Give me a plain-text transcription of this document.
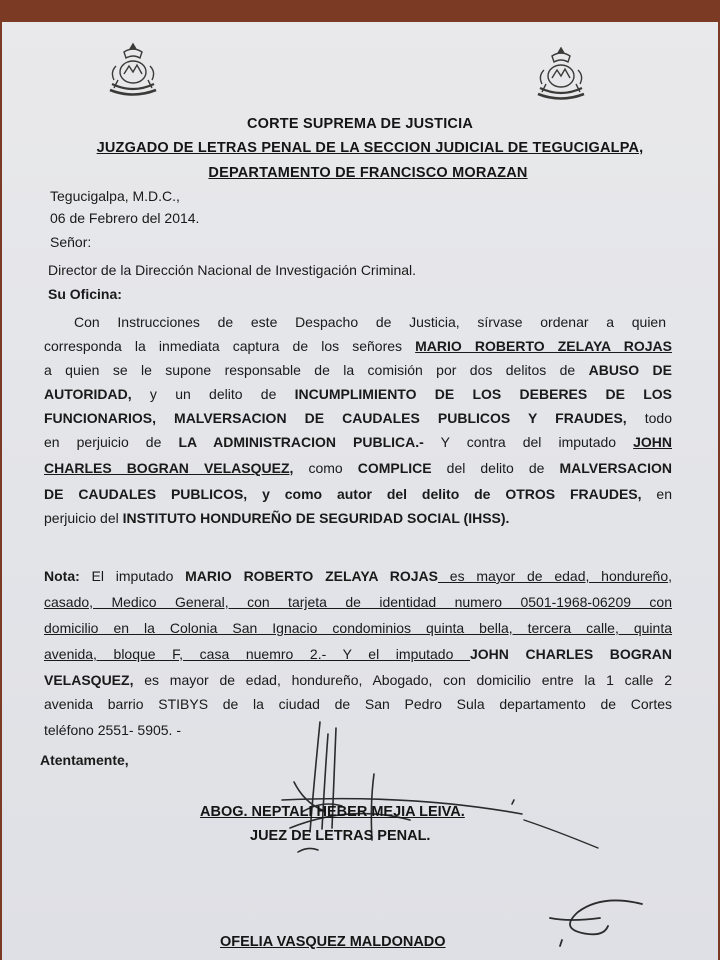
CORTE SUPREMA DE JUSTICIA
JUZGADO DE LETRAS PENAL DE LA SECCION JUDICIAL DE TEGUCIGALPA,
DEPARTAMENTO DE FRANCISCO MORAZAN
Tegucigalpa, M.D.C.,
06 de Febrero del 2014.
Señor:
Director de la Dirección Nacional de Investigación Criminal.
Su Oficina:
Con Instrucciones de este Despacho de Justicia, sírvase ordenar a quien
corresponda la inmediata captura de los señores MARIO ROBERTO ZELAYA ROJAS
a quien se le supone responsable de la comisión por dos delitos de ABUSO DE
AUTORIDAD, y un delito de INCUMPLIMIENTO DE LOS DEBERES DE LOS
FUNCIONARIOS, MALVERSACION DE CAUDALES PUBLICOS Y FRAUDES, todo
en perjuicio de LA ADMINISTRACION PUBLICA.- Y contra del imputado JOHN
CHARLES BOGRAN VELASQUEZ, como COMPLICE del delito de MALVERSACION
DE CAUDALES PUBLICOS, y como autor del delito de OTROS FRAUDES, en
perjuicio del INSTITUTO HONDUREÑO DE SEGURIDAD SOCIAL (IHSS).
Nota: El imputado MARIO ROBERTO ZELAYA ROJAS es mayor de edad, hondureño,
casado, Medico General, con tarjeta de identidad numero 0501-1968-06209 con
domicilio en la Colonia San Ignacio condominios quinta bella, tercera calle, quinta
avenida, bloque F, casa nuemro 2.- Y el imputado JOHN CHARLES BOGRAN
VELASQUEZ, es mayor de edad, hondureño, Abogado, con domicilio entre la 1 calle 2
avenida barrio STIBYS de la ciudad de San Pedro Sula departamento de Cortes
teléfono 2551- 5905. -
Atentamente,
ABOG. NEPTALI HEBER MEJIA LEIVA.
JUEZ DE LETRAS PENAL.
OFELIA VASQUEZ MALDONADO
